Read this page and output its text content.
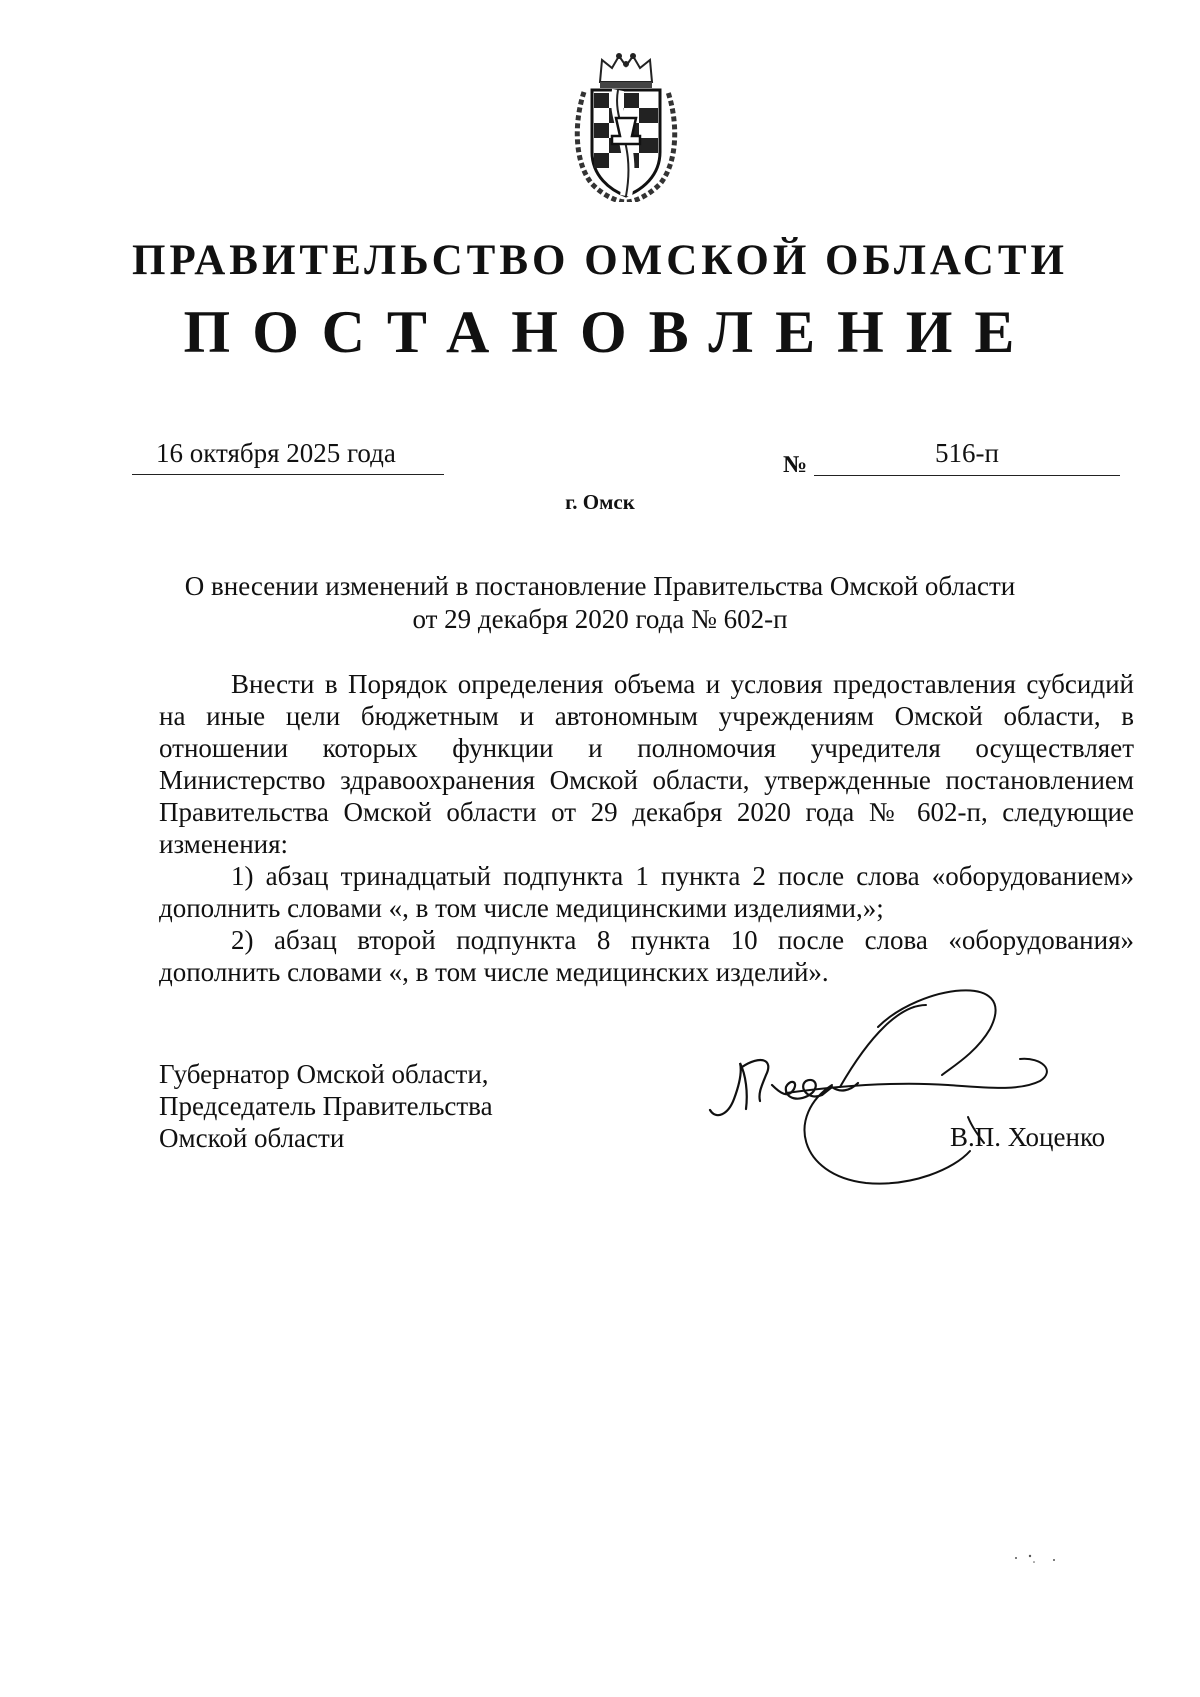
ПРАВИТЕЛЬСТВО ОМСКОЙ ОБЛАСТИ
ПОСТАНОВЛЕНИЕ
16 октября 2025 года	№	516-п
г. Омск
О внесении изменений в постановление Правительства Омской области
от 29 декабря 2020 года № 602-п

Внести в Порядок определения объема и условия предоставления субсидий на иные цели бюджетным и автономным учреждениям Омской области, в отношении которых функции и полномочия учредителя осуществляет Министерство здравоохранения Омской области, утвержденные постановлением Правительства Омской области от 29 декабря 2020 года № 602-п, следующие изменения:

1) абзац тринадцатый подпункта 1 пункта 2 после слова «оборудованием» дополнить словами «, в том числе медицинскими изделиями,»;

2) абзац второй подпункта 8 пункта 10 после слова «оборудования» дополнить словами «, в том числе медицинских изделий».

Губернатор Омской области,
Председатель Правительства
Омской области	В.П. Хоценко
